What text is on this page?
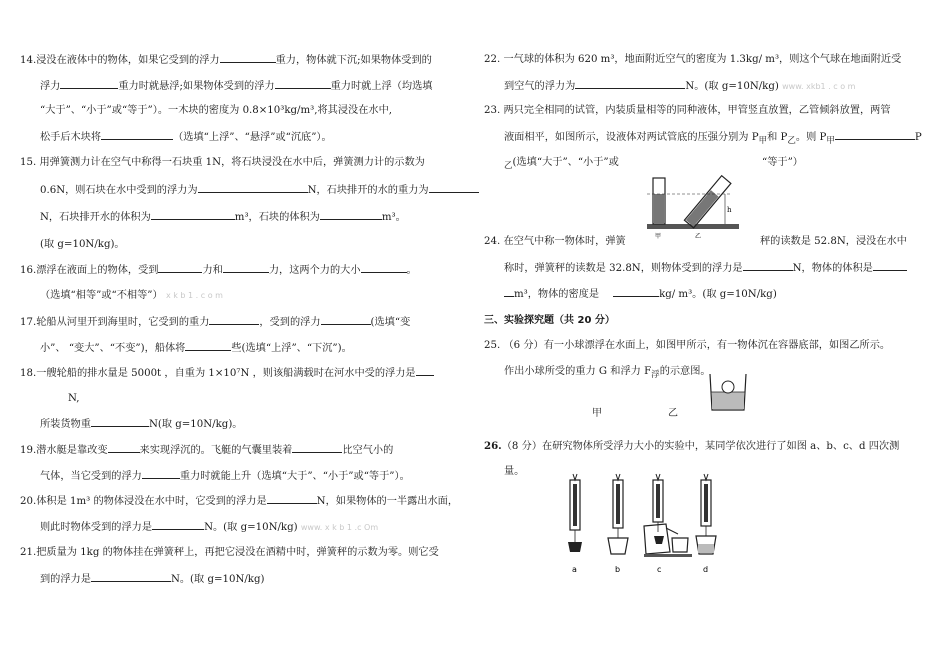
14.浸没在液体中的物体，如果它受到的浮力	重力，物体就下沉;如果物体受到的
浮力	重力时就悬浮;如果物体受到的浮力	重力时就上浮（均选填
“大于”、“小于”或“等于”）。一木块的密度为 0.8×10³kg/m³,将其浸没在水中,
松手后木块将	（选填“上浮”、“悬浮”或“沉底”）。
15. 用弹簧测力计在空气中称得一石块重 1N，将石块浸没在水中后，弹簧测力计的示数为
0.6N，则石块在水中受到的浮力为	N，石块排开的水的重力为
N，石块排开水的体积为	m³，石块的体积为	m³。
(取 g=10N/kg)。
16.漂浮在液面上的物体，受到	力和	力，这两个力的大小	。
（选填“相等”或“不相等”） x k b 1 . c o m
17.轮船从河里开到海里时，它受到的重力	，受到的浮力	(选填“变
小”、 “变大”、“不变”)，船体将	些(选填“上浮”、“下沉”)。
18.一艘轮船的排水量是 5000t ，自重为 1×10⁷N ，则该船满载时在河水中受的浮力是
N,
所装货物重	N(取 g=10N/kg)。
19.潜水艇是靠改变	来实现浮沉的。飞艇的气囊里装着	比空气小的
气体，当它受到的浮力	重力时就能上升（选填“大于”、“小于”或“等于”）。
20.体积是 1m³ 的物体浸没在水中时，它受到的浮力是	N，如果物体的一半露出水面，
则此时物体受到的浮力是	N。(取 g=10N/kg) www. x k b 1 .c Om
21.把质量为 1kg 的物体挂在弹簧秤上，再把它浸没在酒精中时，弹簧秤的示数为零。则它受
到的浮力是	N。(取 g=10N/kg)
22. 一气球的体积为 620 m³，地面附近空气的密度为 1.3kg/ m³，则这个气球在地面附近受
到空气的浮力为	N。(取 g=10N/kg) www. xkb1 . c o m
23. 两只完全相同的试管，内装质量相等的同种液体，甲管竖直放置，乙管倾斜放置，两管
液面相平，如图所示，设液体对两试管底的压强分别为 $P_甲$和 $P_乙$。则 $P_甲$	P
$_乙$(选填“大于”、“小于”或	“等于”）
h
甲	乙
24. 在空气中称一物体时，弹簧	秤的读数是 52.8N，浸没在水中
称时，弹簧秤的读数是 32.8N，则物体受到的浮力是	N，物体的体积是
m³，物体的密度是	kg/ m³。(取 g=10N/kg)
三、实验探究题（共 20 分）
25. （6 分）有一小球漂浮在水面上，如图甲所示，有一物体沉在容器底部，如图乙所示。
作出小球所受的重力 G 和浮力 $F_浮$的示意图。
甲	乙
26.（8 分）在研究物体所受浮力大小的实验中，某同学依次进行了如图 a、b、c、d 四次测
量。
a	b	c	d
